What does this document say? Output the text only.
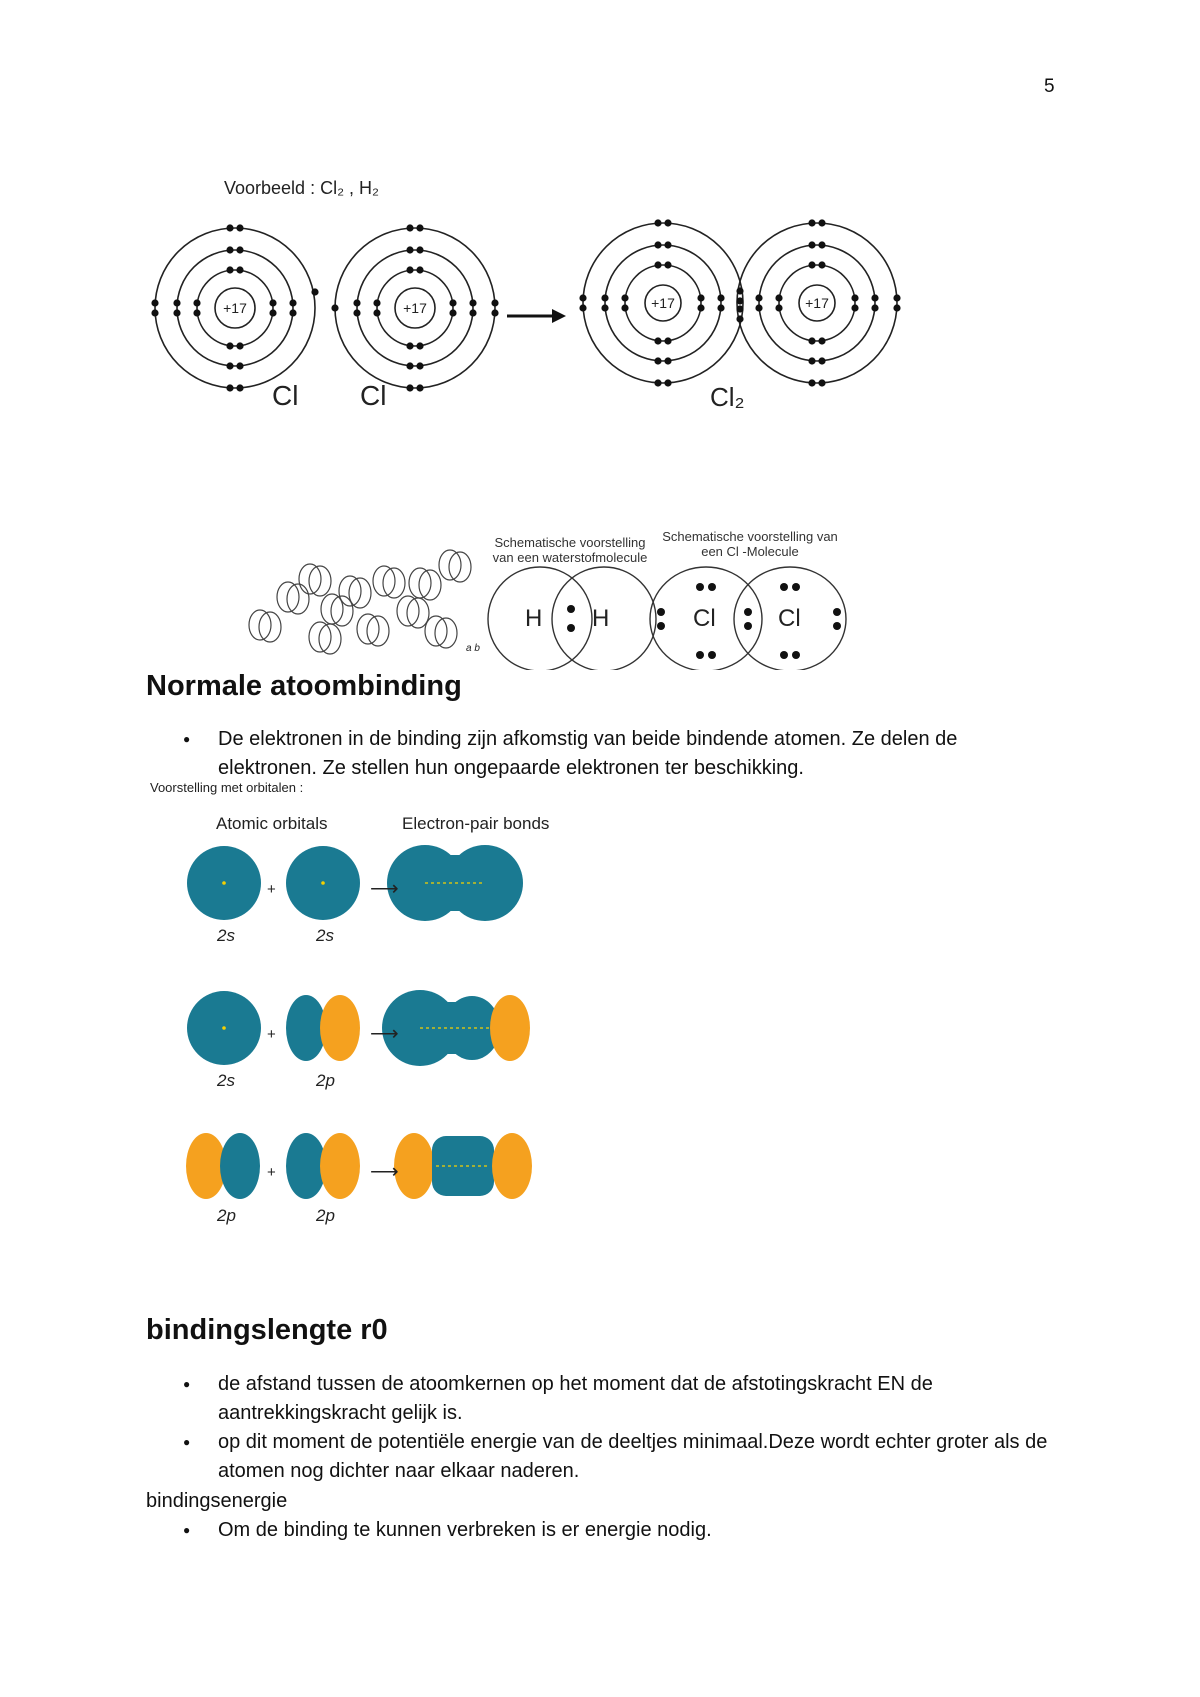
5
Voorbeeld : Cl₂ , H₂
+17	+17	+17	+17
Cl Cl	Cl₂
Schematische voorstelling van een waterstofmolecule
Schematische voorstelling van een Cl -Molecule
H H	Cl	Cl
a b
Normale atoombinding
● De elektronen in de binding zijn afkomstig van beide bindende atomen. Ze delen de elektronen. Ze stellen hun ongepaarde elektronen ter beschikking.
Voorstelling met orbitalen :
Atomic orbitals	Electron-pair bonds
2s	2s
2s	2p
2p	2p
+
+
+
⟶
⟶
⟶
bindingslengte r0
● de afstand tussen de atoomkernen op het moment dat de afstotingskracht EN de aantrekkingskracht gelijk is.
● op dit moment de potentiële energie van de deeltjes minimaal.Deze wordt echter groter als de atomen nog dichter naar elkaar naderen.
bindingsenergie
● Om de binding te kunnen verbreken is er energie nodig.
